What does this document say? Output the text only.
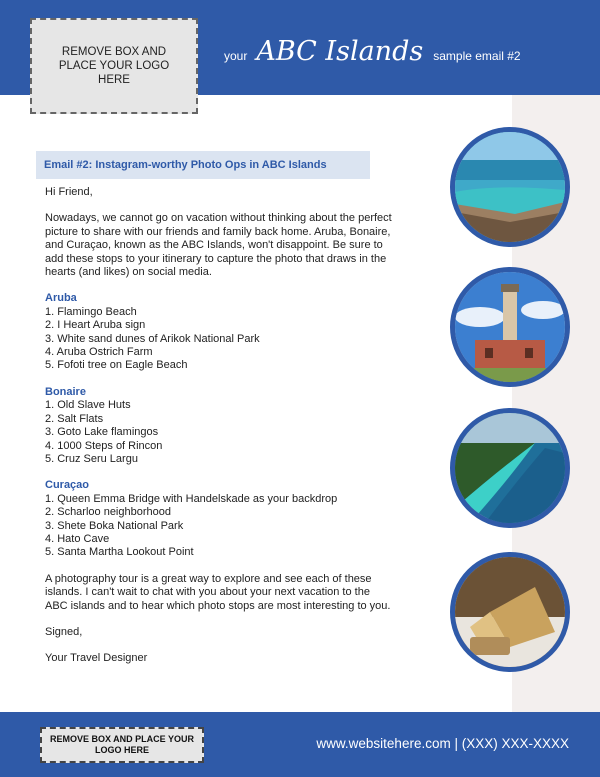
REMOVE BOX AND PLACE YOUR LOGO HERE
your ABC Islands sample email #2
Email #2: Instagram-worthy Photo Ops in ABC Islands

Hi Friend,

Nowadays, we cannot go on vacation without thinking about the perfect picture to share with our friends and family back home. Aruba, Bonaire, and Curaçao, known as the ABC Islands, won't disappoint. Be sure to add these stops to your itinerary to capture the photo that draws in the hearts (and likes) on social media.

Aruba
1. Flamingo Beach
2. I Heart Aruba sign
3. White sand dunes of Arikok National Park
4. Aruba Ostrich Farm
5. Fofoti tree on Eagle Beach
Bonaire
1. Old Slave Huts
2. Salt Flats
3. Goto Lake flamingos
4. 1000 Steps of Rincon
5. Cruz Seru Largu
Curaçao
1. Queen Emma Bridge with Handelskade as your backdrop
2. Scharloo neighborhood
3. Shete Boka National Park
4. Hato Cave
5. Santa Martha Lookout Point

A photography tour is a great way to explore and see each of these islands. I can't wait to chat with you about your next vacation to the ABC islands and to hear which photo stops are most interesting to you.

Signed,

Your Travel Designer

REMOVE BOX AND PLACE YOUR LOGO HERE	www.websitehere.com | (XXX) XXX-XXXX
